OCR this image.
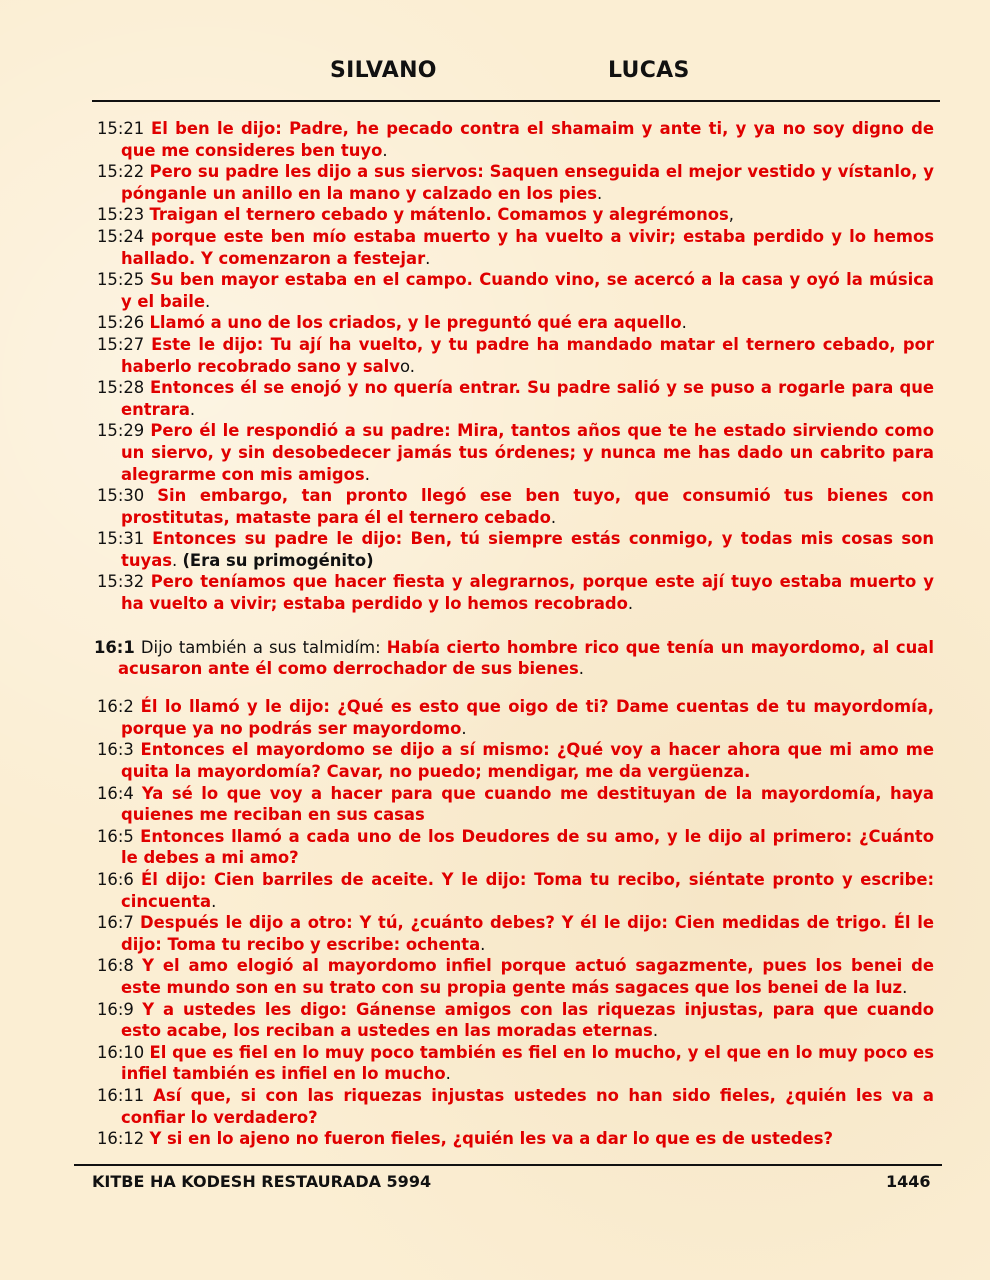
SILVANO	LUCAS

15:21 El ben le dijo: Padre, he pecado contra el shamaim y ante ti, y ya no soy digno de que me consideres ben tuyo.

15:22 Pero su padre les dijo a sus siervos: Saquen enseguida el mejor vestido y vístanlo, y pónganle un anillo en la mano y calzado en los pies.

15:23 Traigan el ternero cebado y mátenlo. Comamos y alegrémonos,

15:24 porque este ben mío estaba muerto y ha vuelto a vivir; estaba perdido y lo hemos hallado. Y comenzaron a festejar.

15:25 Su ben mayor estaba en el campo. Cuando vino, se acercó a la casa y oyó la música y el baile.

15:26 Llamó a uno de los criados, y le preguntó qué era aquello.

15:27 Este le dijo: Tu ají ha vuelto, y tu padre ha mandado matar el ternero cebado, por haberlo recobrado sano y salvo.

15:28 Entonces él se enojó y no quería entrar. Su padre salió y se puso a rogarle para que entrara.

15:29 Pero él le respondió a su padre: Mira, tantos años que te he estado sirviendo como un siervo, y sin desobedecer jamás tus órdenes; y nunca me has dado un cabrito para alegrarme con mis amigos.

15:30 Sin embargo, tan pronto llegó ese ben tuyo, que consumió tus bienes con prostitutas, mataste para él el ternero cebado.

15:31 Entonces su padre le dijo: Ben, tú siempre estás conmigo, y todas mis cosas son tuyas. (Era su primogénito)

15:32 Pero teníamos que hacer fiesta y alegrarnos, porque este ají tuyo estaba muerto y ha vuelto a vivir; estaba perdido y lo hemos recobrado.

16:1 Dijo también a sus talmidím: Había cierto hombre rico que tenía un mayordomo, al cual acusaron ante él como derrochador de sus bienes.

16:2 Él lo llamó y le dijo: ¿Qué es esto que oigo de ti? Dame cuentas de tu mayordomía, porque ya no podrás ser mayordomo.

16:3 Entonces el mayordomo se dijo a sí mismo: ¿Qué voy a hacer ahora que mi amo me quita la mayordomía? Cavar, no puedo; mendigar, me da vergüenza.

16:4 Ya sé lo que voy a hacer para que cuando me destituyan de la mayordomía, haya quienes me reciban en sus casas

16:5 Entonces llamó a cada uno de los Deudores de su amo, y le dijo al primero: ¿Cuánto le debes a mi amo?

16:6 Él dijo: Cien barriles de aceite. Y le dijo: Toma tu recibo, siéntate pronto y escribe: cincuenta.

16:7 Después le dijo a otro: Y tú, ¿cuánto debes? Y él le dijo: Cien medidas de trigo. Él le dijo: Toma tu recibo y escribe: ochenta.

16:8 Y el amo elogió al mayordomo infiel porque actuó sagazmente, pues los benei de este mundo son en su trato con su propia gente más sagaces que los benei de la luz.

16:9 Y a ustedes les digo: Gánense amigos con las riquezas injustas, para que cuando esto acabe, los reciban a ustedes en las moradas eternas.

16:10 El que es fiel en lo muy poco también es fiel en lo mucho, y el que en lo muy poco es infiel también es infiel en lo mucho.

16:11 Así que, si con las riquezas injustas ustedes no han sido fieles, ¿quién les va a confiar lo verdadero?

16:12 Y si en lo ajeno no fueron fieles, ¿quién les va a dar lo que es de ustedes?

KITBE HA KODESH RESTAURADA 5994	1446
